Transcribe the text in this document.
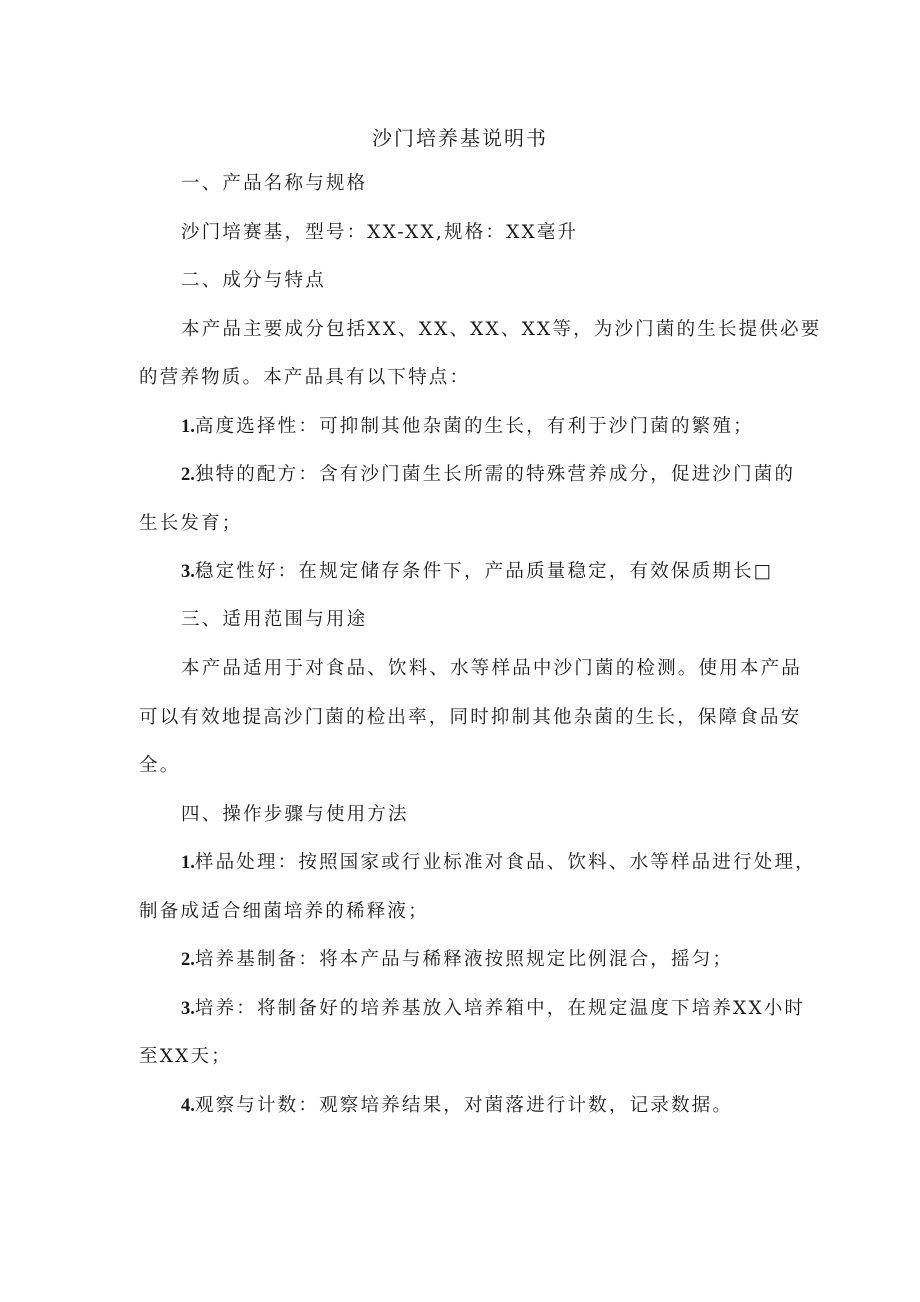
沙门培养基说明书
一、产品名称与规格
沙门培赛基，型号：XX-XX,规格：XX毫升
二、成分与特点
本产品主要成分包括XX、XX、XX、XX等，为沙门菌的生长提供必要
的营养物质。本产品具有以下特点：
1.高度选择性：可抑制其他杂菌的生长，有利于沙门菌的繁殖；
2.独特的配方：含有沙门菌生长所需的特殊营养成分，促进沙门菌的
生长发育；
3.稳定性好：在规定储存条件下，产品质量稳定，有效保质期长□
三、适用范围与用途
本产品适用于对食品、饮料、水等样品中沙门菌的检测。使用本产品
可以有效地提高沙门菌的检出率，同时抑制其他杂菌的生长，保障食品安
全。
四、操作步骤与使用方法
1.样品处理：按照国家或行业标准对食品、饮料、水等样品进行处理，
制备成适合细菌培养的稀释液；
2.培养基制备：将本产品与稀释液按照规定比例混合，摇匀；
3.培养：将制备好的培养基放入培养箱中，在规定温度下培养XX小时
至XX天；
4.观察与计数：观察培养结果，对菌落进行计数，记录数据。
